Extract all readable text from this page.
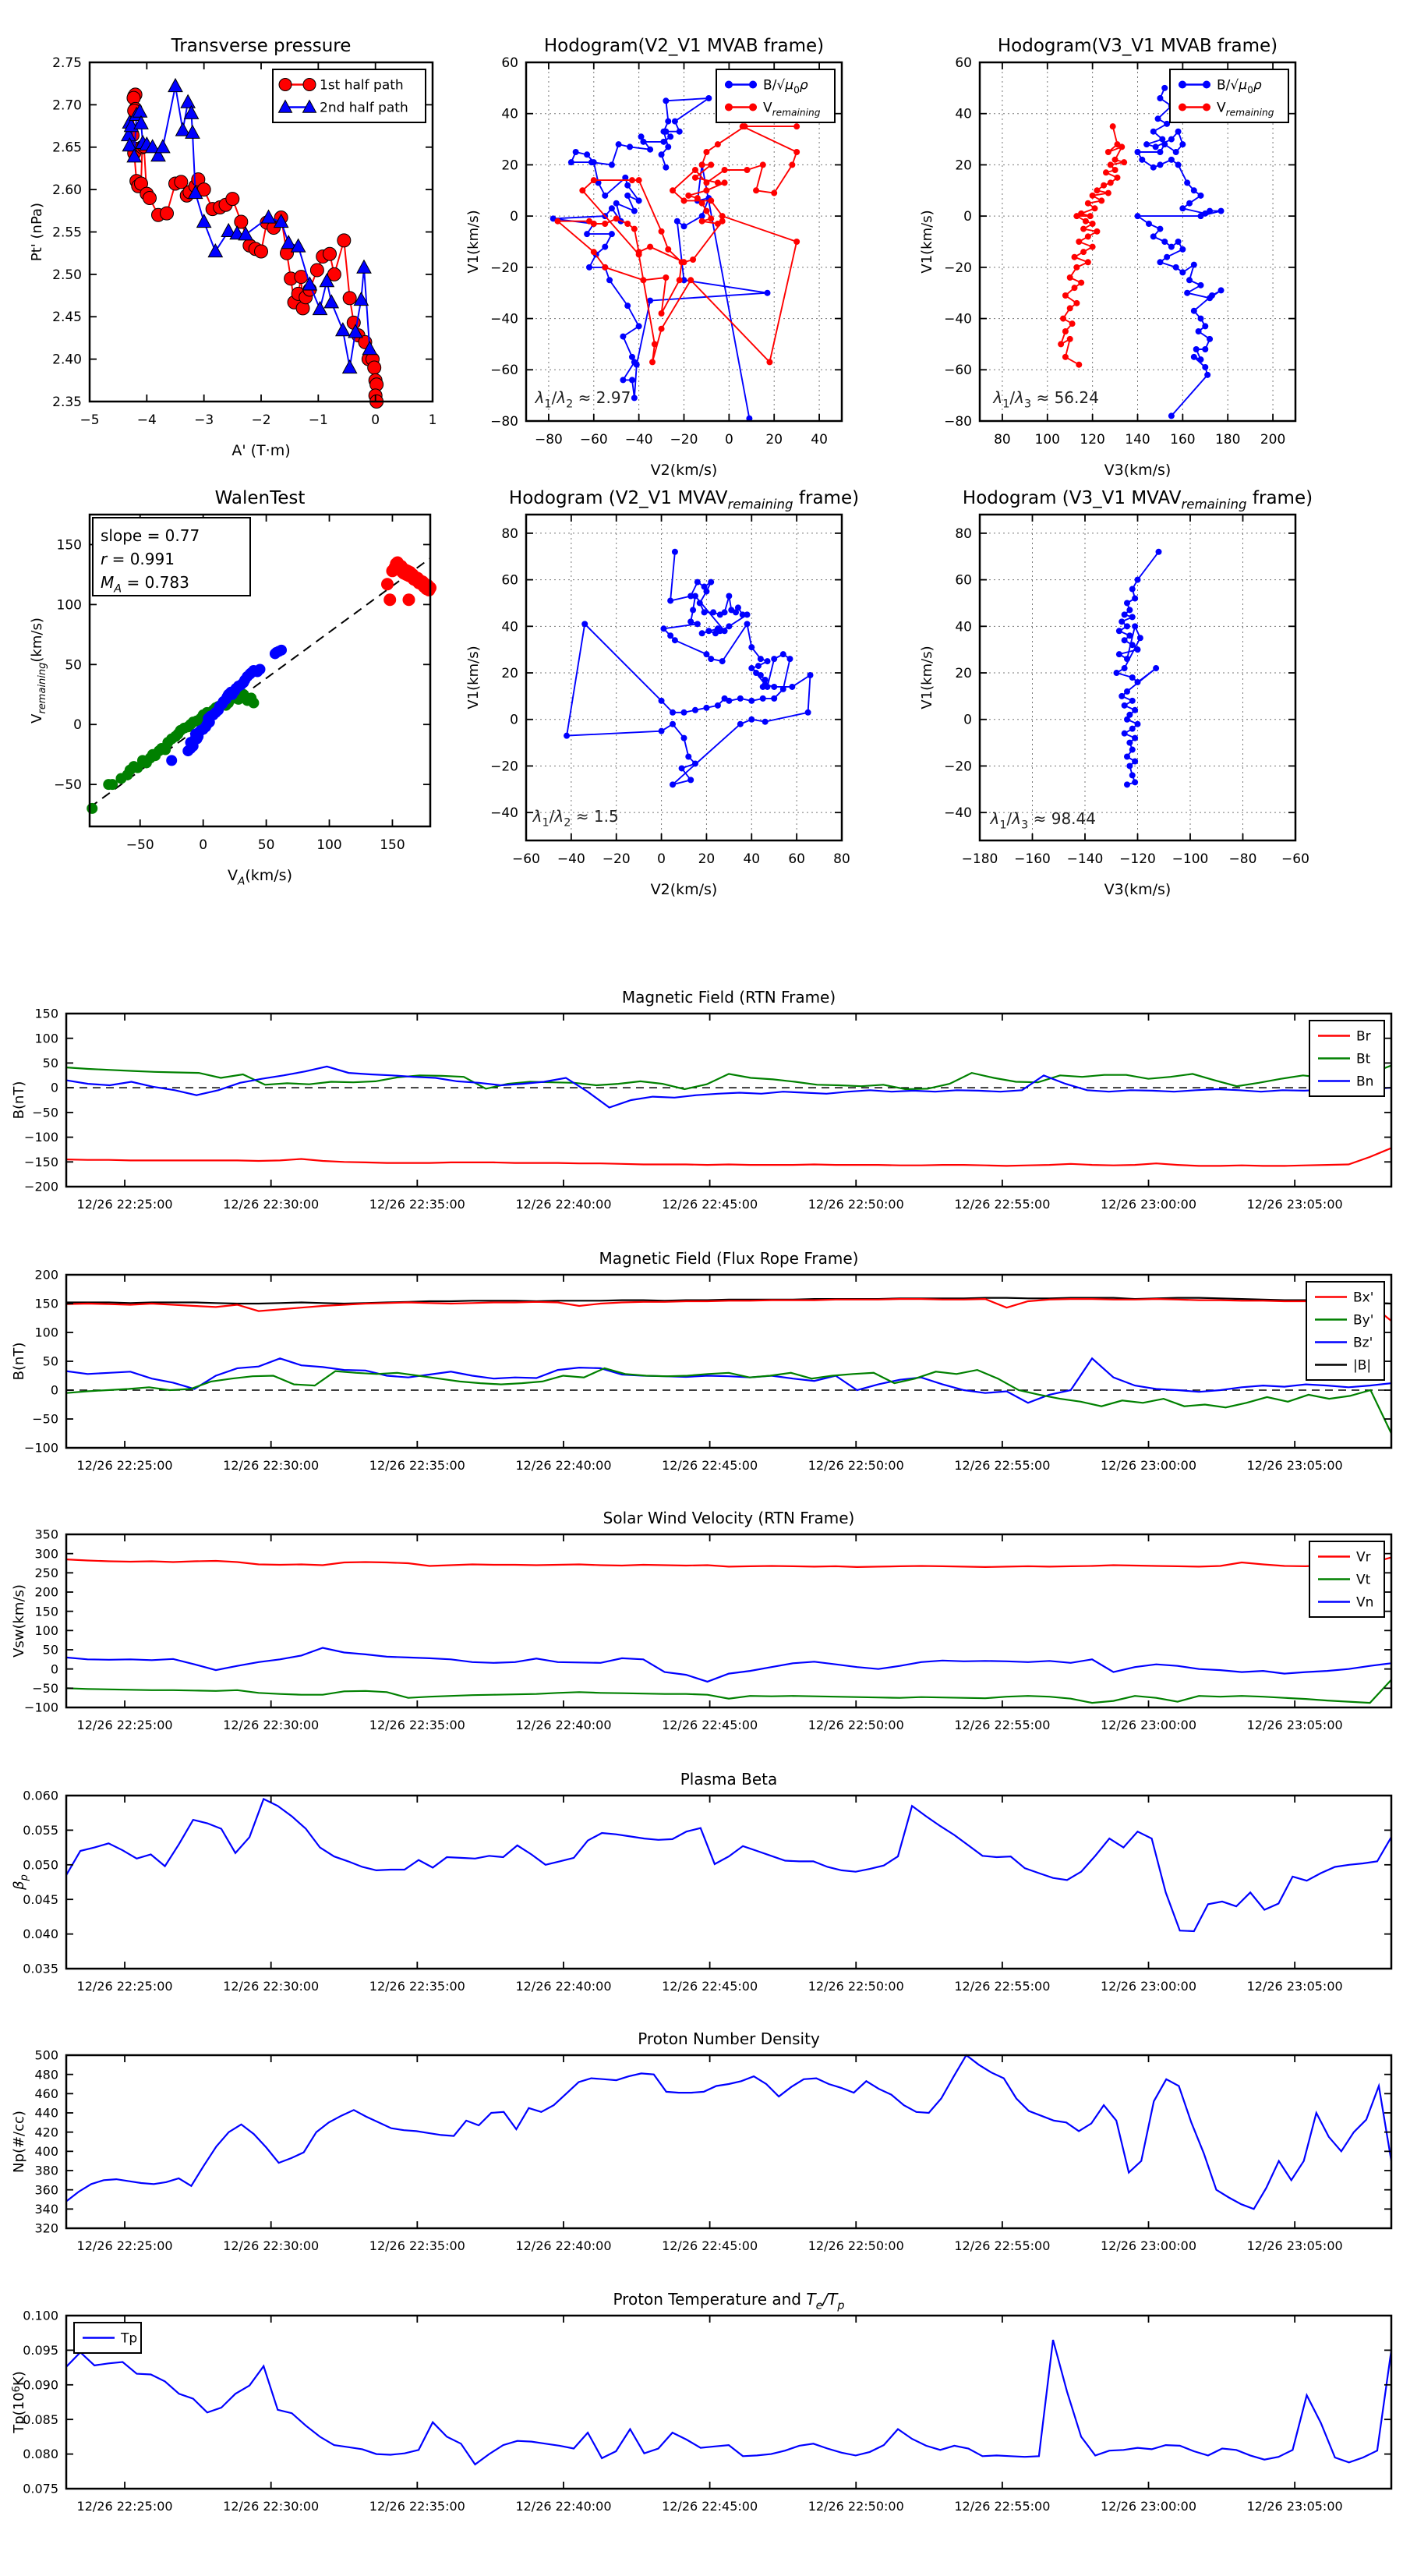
−5	−4	−3	−2	−1	0	1
2.35
2.40
2.45
2.50
2.55
2.60
2.65
2.70
2.75
Transverse pressure
A' (T·m)
Pt' (nPa)
1st half path
2nd half path
−80 −60 −40 −20 0 20 40
−80
−60
−40
−20
0
20
40
60
Hodogram(V2_V1 MVAB frame)
V2(km/s)
V1(km/s)
$B/√\mu_0\rho$
$V_{remaining}$
$\lambda_1/\lambda_2 \approx 2.97$
80 100 120 140 160 180 200
−80
−60
−40
−20
0
20
40
60
Hodogram(V3_V1 MVAB frame)
V3(km/s)
V1(km/s)
$B/√\mu_0\rho$
$V_{remaining}$
$\lambda_1/\lambda_3 \approx 56.24$
−50	0	50	100	150
−50
0
50
100
150
WalenTest
$V_A(km/s)$
$V_{remaining}(km/s)$
slope = 0.77
r = 0.991
$M_A = 0.783$
−60 −40 −20 0 20 40 60 80
−40
−20
0
20
40
60
80
Hodogram (V2_V1 $MVAV_{remaining}$ frame)
V2(km/s)
V1(km/s)
$\lambda_1/\lambda_2 \approx 1.5$
−180 −160 −140 −120 −100 −80 −60
−40
−20
0
20
40
60
80
Hodogram (V3_V1 $MVAV_{remaining}$ frame)
V3(km/s)
V1(km/s)
$\lambda_1/\lambda_3 \approx 98.44$
12/26 22:25:00	12/26 22:30:00	12/26 22:35:00	12/26 22:40:00	12/26 22:45:00	12/26 22:50:00	12/26 22:55:00	12/26 23:00:00	12/26 23:05:00
−200
−150
−100
−50
0
50
100
150
Magnetic Field (RTN Frame)
B(nT)
Br
Bt
Bn
12/26 22:25:00	12/26 22:30:00	12/26 22:35:00	12/26 22:40:00	12/26 22:45:00	12/26 22:50:00	12/26 22:55:00	12/26 23:00:00	12/26 23:05:00
−100
−50
0
50
100
150
200
Magnetic Field (Flux Rope Frame)
B(nT)
Bx'
By'
Bz'
|B|
12/26 22:25:00	12/26 22:30:00	12/26 22:35:00	12/26 22:40:00	12/26 22:45:00	12/26 22:50:00	12/26 22:55:00	12/26 23:00:00	12/26 23:05:00
−100
−50
0
50
100
150
200
250
300
350
Solar Wind Velocity (RTN Frame)
Vsw(km/s)
Vr
Vt
Vn
12/26 22:25:00	12/26 22:30:00	12/26 22:35:00	12/26 22:40:00	12/26 22:45:00	12/26 22:50:00	12/26 22:55:00	12/26 23:00:00	12/26 23:05:00
0.035
0.040
0.045
0.050
0.055
0.060
Plasma Beta
$\beta_p$
12/26 22:25:00	12/26 22:30:00	12/26 22:35:00	12/26 22:40:00	12/26 22:45:00	12/26 22:50:00	12/26 22:55:00	12/26 23:00:00	12/26 23:05:00
320
340
360
380
400
420
440
460
480
500
Proton Number Density
Np(#/cc)
12/26 22:25:00	12/26 22:30:00	12/26 22:35:00	12/26 22:40:00	12/26 22:45:00	12/26 22:50:00	12/26 22:55:00	12/26 23:00:00	12/26 23:05:00
0.075
0.080
0.085
0.090
0.095
0.100
Proton Temperature and $T_e/T_p$
$Tp(10^6K)$
Tp
